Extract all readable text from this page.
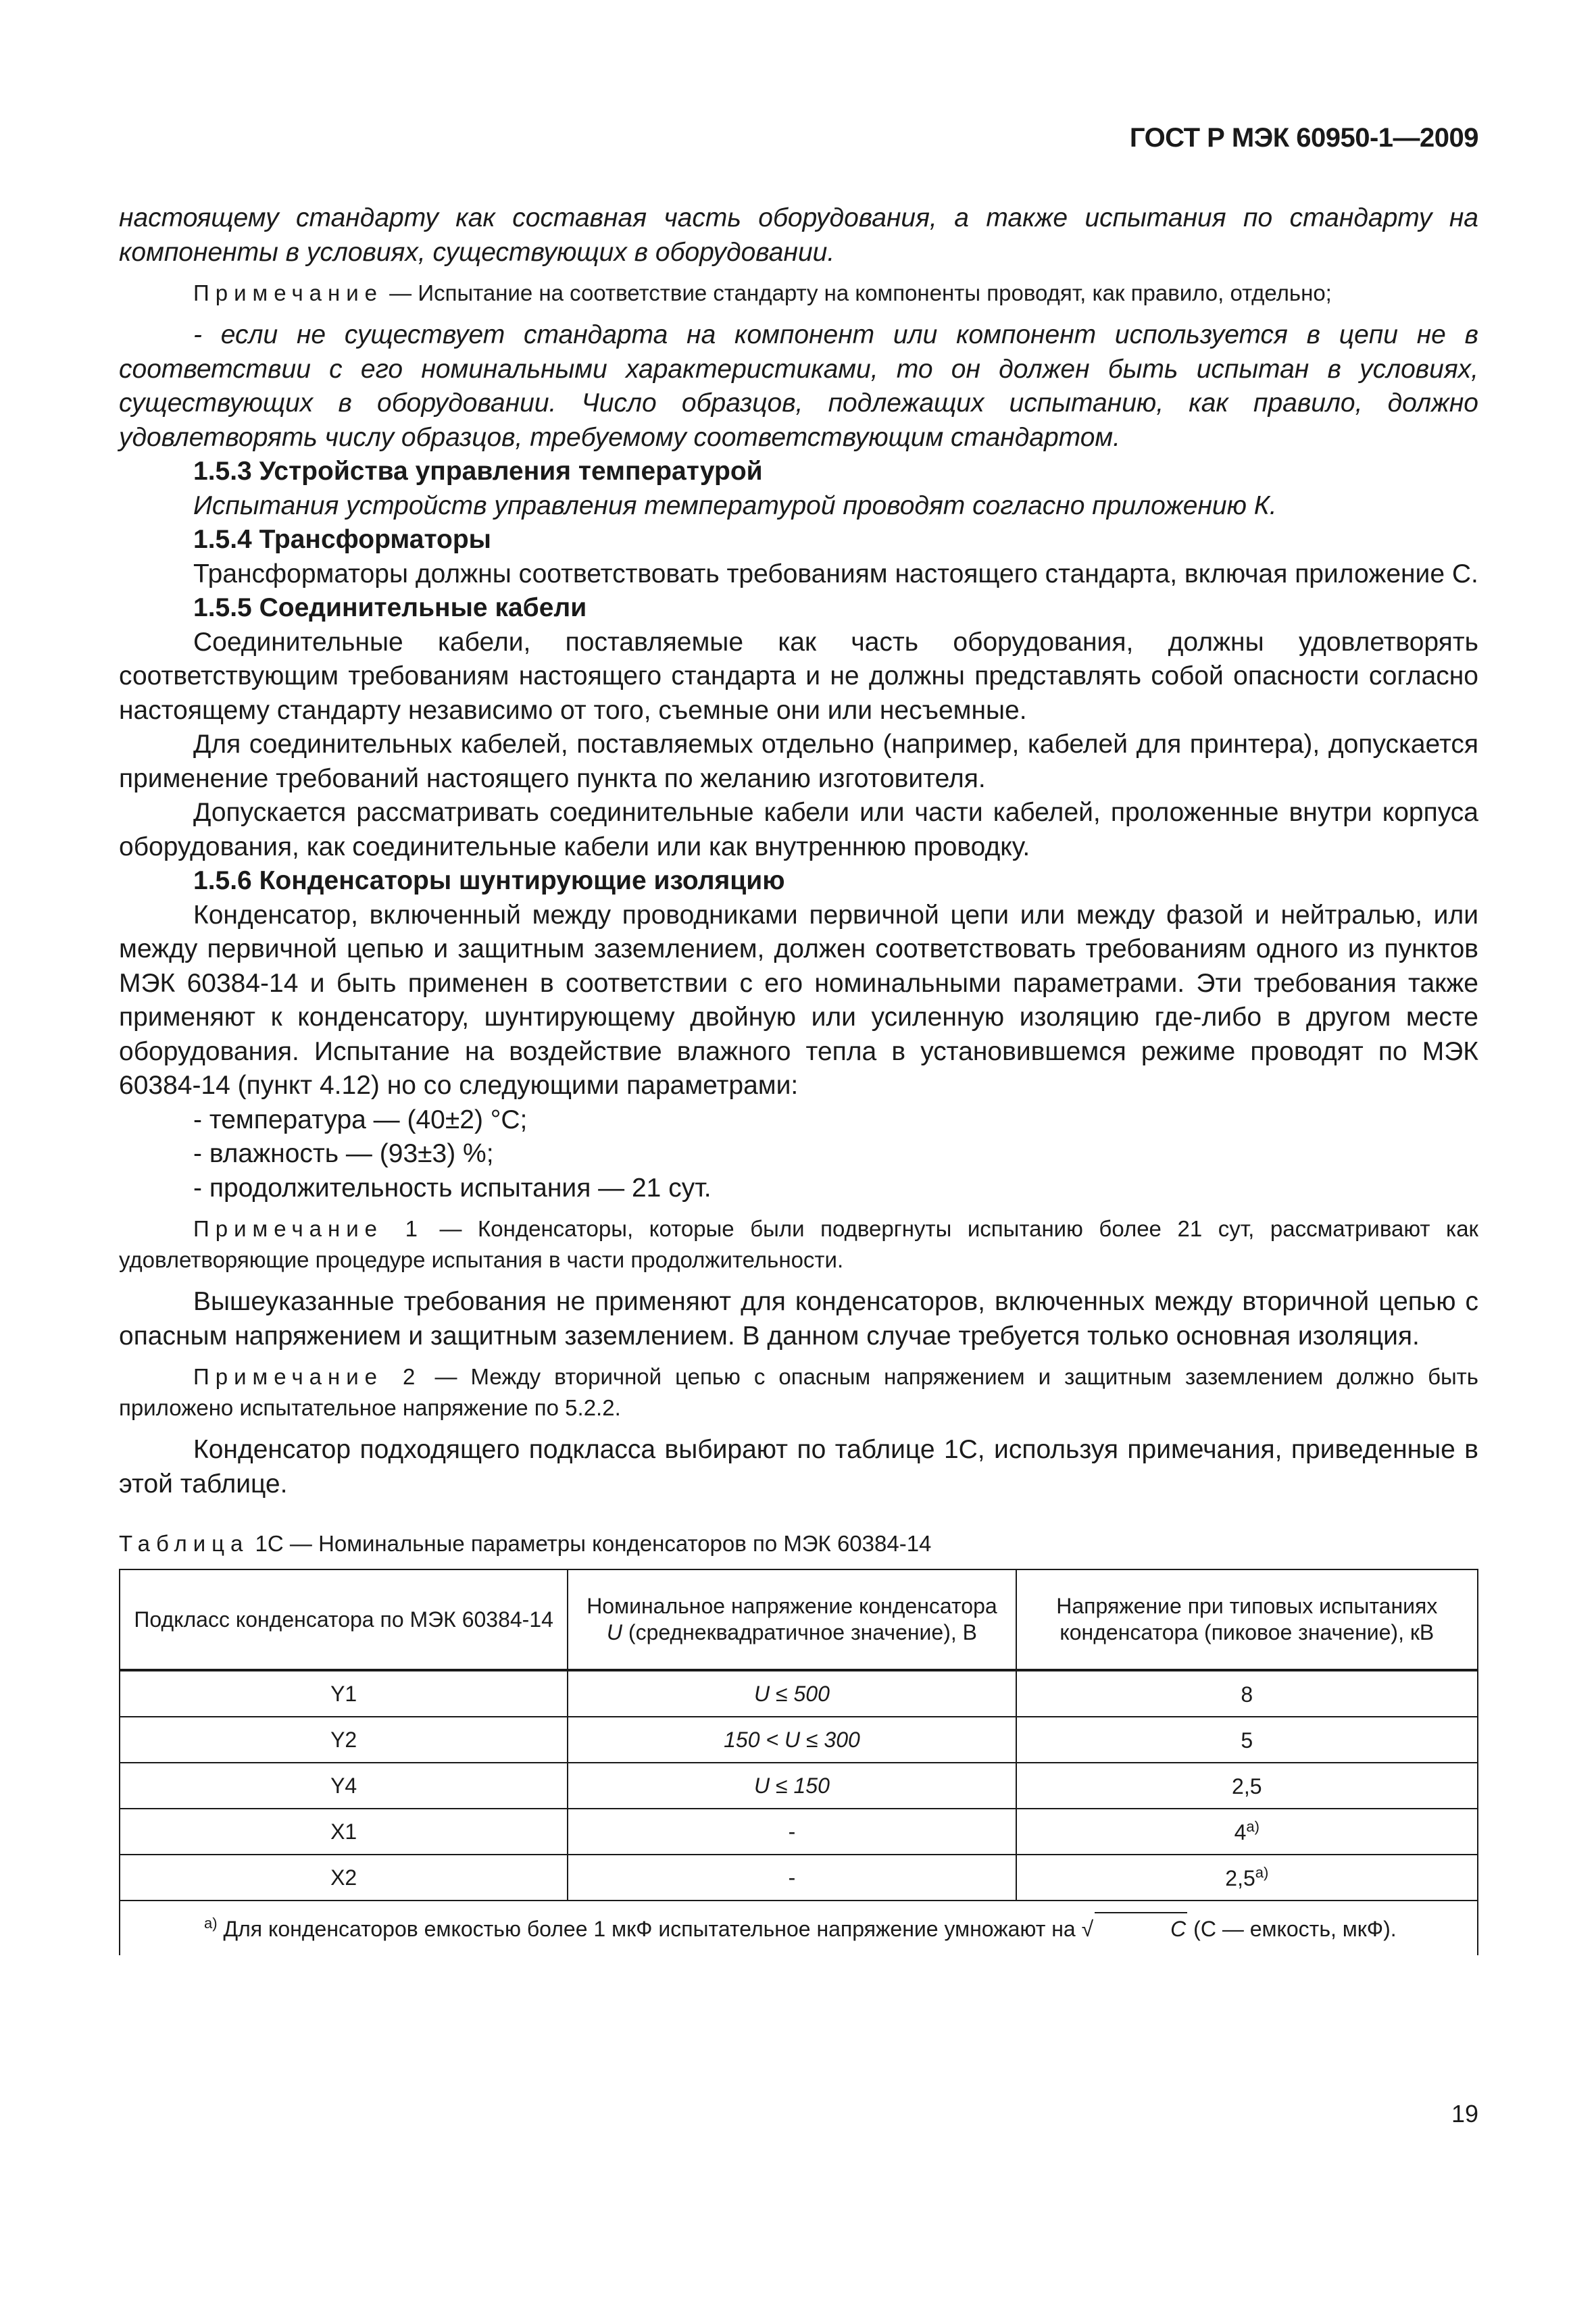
ГОСТ Р МЭК 60950-1—2009

настоящему стандарту как составная часть оборудования, а также испытания по стандарту на компоненты в условиях, существующих в оборудовании.

Примечание — Испытание на соответствие стандарту на компоненты проводят, как правило, отдельно;

- если не существует стандарта на компонент или компонент используется в цепи не в соответствии с его номинальными характеристиками, то он должен быть испытан в условиях, существующих в оборудовании. Число образцов, подлежащих испытанию, как правило, должно удовлетворять числу образцов, требуемому соответствующим стандартом.

1.5.3 Устройства управления температурой

Испытания устройств управления температурой проводят согласно приложению К.

1.5.4 Трансформаторы

Трансформаторы должны соответствовать требованиям настоящего стандарта, включая приложение С.

1.5.5 Соединительные кабели

Соединительные кабели, поставляемые как часть оборудования, должны удовлетворять соответствующим требованиям настоящего стандарта и не должны представлять собой опасности согласно настоящему стандарту независимо от того, съемные они или несъемные.

Для соединительных кабелей, поставляемых отдельно (например, кабелей для принтера), допускается применение требований настоящего пункта по желанию изготовителя.

Допускается рассматривать соединительные кабели или части кабелей, проложенные внутри корпуса оборудования, как соединительные кабели или как внутреннюю проводку.

1.5.6 Конденсаторы шунтирующие изоляцию

Конденсатор, включенный между проводниками первичной цепи или между фазой и нейтралью, или между первичной цепью и защитным заземлением, должен соответствовать требованиям одного из пунктов МЭК 60384-14 и быть применен в соответствии с его номинальными параметрами. Эти требования также применяют к конденсатору, шунтирующему двойную или усиленную изоляцию где-либо в другом месте оборудования. Испытание на воздействие влажного тепла в установившемся режиме проводят по МЭК 60384-14 (пункт 4.12) но со следующими параметрами:

- температура — (40±2) °С;

- влажность — (93±3) %;

- продолжительность испытания — 21 сут.

Примечание 1 — Конденсаторы, которые были подвергнуты испытанию более 21 сут, рассматривают как удовлетворяющие процедуре испытания в части продолжительности.

Вышеуказанные требования не применяют для конденсаторов, включенных между вторичной цепью с опасным напряжением и защитным заземлением. В данном случае требуется только основная изоляция.

Примечание 2 — Между вторичной цепью с опасным напряжением и защитным заземлением должно быть приложено испытательное напряжение по 5.2.2.

Конденсатор подходящего подкласса выбирают по таблице 1С, используя примечания, приведенные в этой таблице.

Таблица 1С — Номинальные параметры конденсаторов по МЭК 60384-14
Подкласс конденсатора по МЭК 60384-14	Номинальное напряжение конденсатора U (среднеквадратичное значение), В	Напряжение при типовых испытаниях конденсатора (пиковое значение), кВ
Y1	U ≤ 500	8
Y2	150 < U ≤ 300	5
Y4	U ≤ 150	2,5
X1	-	$4^{а)}$
X2	-	$2,5^{а)}$

$^{а)}$ Для конденсаторов емкостью более 1 мкФ испытательное напряжение умножают на √ C (С — емкость, мкФ).		
19
